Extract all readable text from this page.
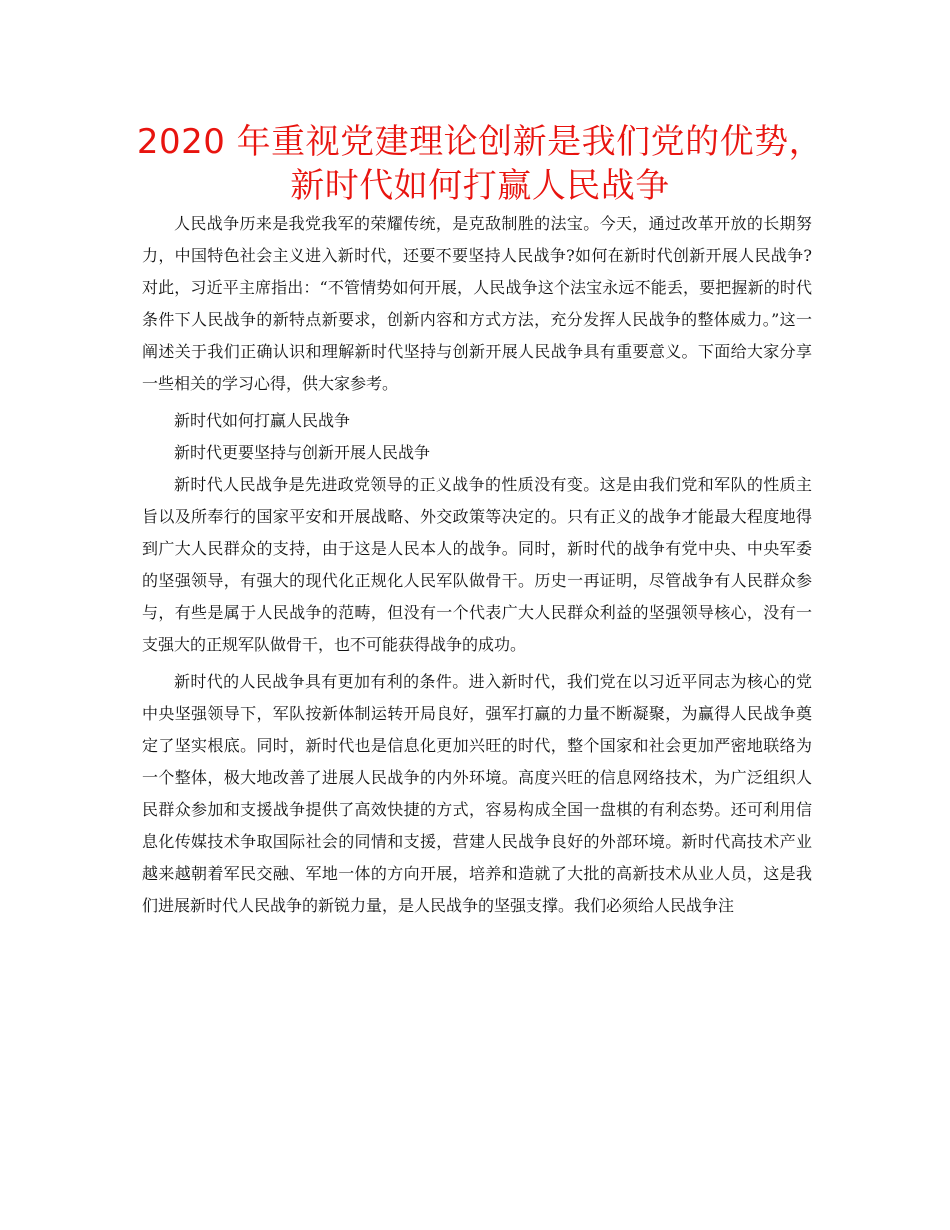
2020 年重视党建理论创新是我们党的优势，新时代如何打赢人民战争

人民战争历来是我党我军的荣耀传统，是克敌制胜的法宝。今天，通过改革开放的长期努力，中国特色社会主义进入新时代，还要不要坚持人民战争?如何在新时代创新开展人民战争?对此，习近平主席指出：“不管情势如何开展，人民战争这个法宝永远不能丢，要把握新的时代条件下人民战争的新特点新要求，创新内容和方式方法，充分发挥人民战争的整体威力。”这一阐述关于我们正确认识和理解新时代坚持与创新开展人民战争具有重要意义。下面给大家分享一些相关的学习心得，供大家参考。

新时代如何打赢人民战争

新时代更要坚持与创新开展人民战争

新时代人民战争是先进政党领导的正义战争的性质没有变。这是由我们党和军队的性质主旨以及所奉行的国家平安和开展战略、外交政策等决定的。只有正义的战争才能最大程度地得到广大人民群众的支持，由于这是人民本人的战争。同时，新时代的战争有党中央、中央军委的坚强领导，有强大的现代化正规化人民军队做骨干。历史一再证明，尽管战争有人民群众参与，有些是属于人民战争的范畴，但没有一个代表广大人民群众利益的坚强领导核心，没有一支强大的正规军队做骨干，也不可能获得战争的成功。

新时代的人民战争具有更加有利的条件。进入新时代，我们党在以习近平同志为核心的党中央坚强领导下，军队按新体制运转开局良好，强军打赢的力量不断凝聚，为赢得人民战争奠定了坚实根底。同时，新时代也是信息化更加兴旺的时代，整个国家和社会更加严密地联络为一个整体，极大地改善了进展人民战争的内外环境。高度兴旺的信息网络技术，为广泛组织人民群众参加和支援战争提供了高效快捷的方式，容易构成全国一盘棋的有利态势。还可利用信息化传媒技术争取国际社会的同情和支援，营建人民战争良好的外部环境。新时代高技术产业越来越朝着军民交融、军地一体的方向开展，培养和造就了大批的高新技术从业人员，这是我们进展新时代人民战争的新锐力量，是人民战争的坚强支撑。我们必须给人民战争注
